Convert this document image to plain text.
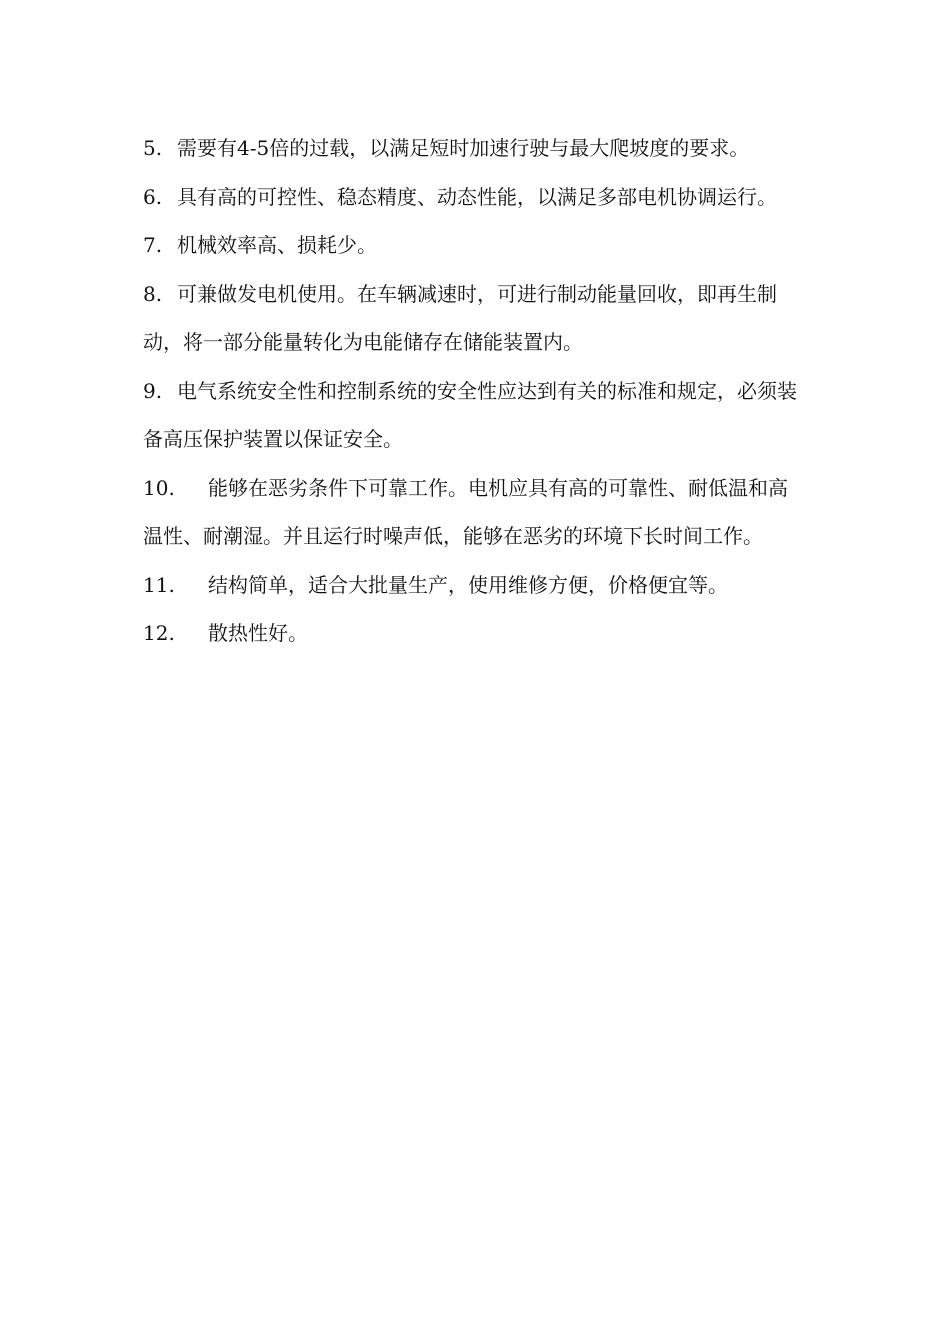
5. 需要有4-5倍的过载，以满足短时加速行驶与最大爬坡度的要求。

6. 具有高的可控性、稳态精度、动态性能，以满足多部电机协调运行。

7. 机械效率高、损耗少。

8. 可兼做发电机使用。在车辆减速时，可进行制动能量回收，即再生制动，将一部分能量转化为电能储存在储能装置内。

9. 电气系统安全性和控制系统的安全性应达到有关的标准和规定，必须装备高压保护装置以保证安全。

10. 能够在恶劣条件下可靠工作。电机应具有高的可靠性、耐低温和高温性、耐潮湿。并且运行时噪声低，能够在恶劣的环境下长时间工作。

11. 结构简单，适合大批量生产，使用维修方便，价格便宜等。

12. 散热性好。
